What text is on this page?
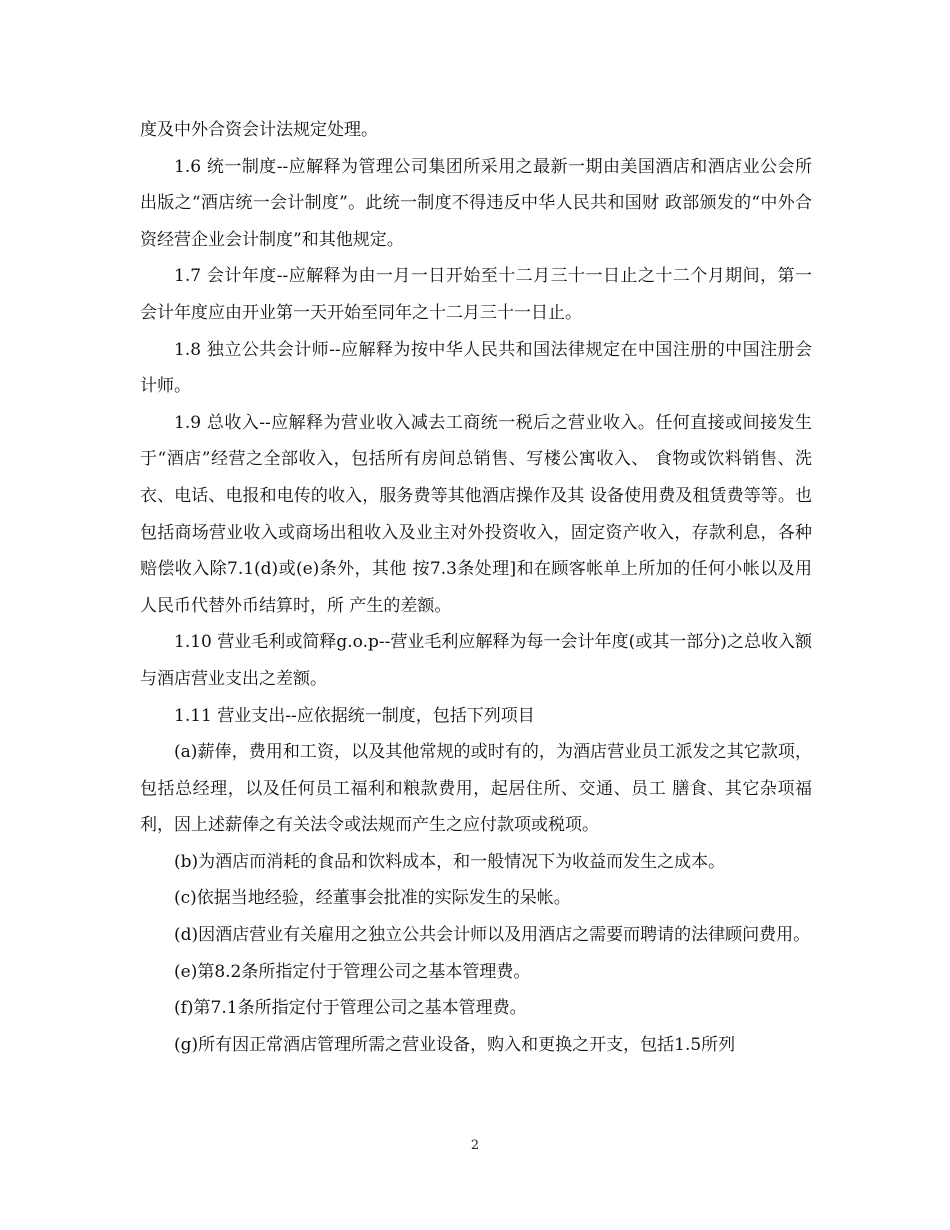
度及中外合资会计法规定处理。

1.6 统一制度--应解释为管理公司集团所采用之最新一期由美国酒店和酒店业公会所出版之“酒店统一会计制度”。此统一制度不得违反中华人民共和国财 政部颁发的“中外合资经营企业会计制度”和其他规定。

1.7 会计年度--应解释为由一月一日开始至十二月三十一日止之十二个月期间，第一会计年度应由开业第一天开始至同年之十二月三十一日止。

1.8 独立公共会计师--应解释为按中华人民共和国法律规定在中国注册的中国注册会计师。

1.9 总收入--应解释为营业收入减去工商统一税后之营业收入。任何直接或间接发生于“酒店”经营之全部收入，包括所有房间总销售、写楼公寓收入、 食物或饮料销售、洗衣、电话、电报和电传的收入，服务费等其他酒店操作及其 设备使用费及租赁费等等。也包括商场营业收入或商场出租收入及业主对外投资收入，固定资产收入，存款利息，各种赔偿收入除7.1(d)或(e)条外，其他 按7.3条处理]和在顾客帐单上所加的任何小帐以及用人民币代替外币结算时，所 产生的差额。

1.10 营业毛利或简释g.o.p--营业毛利应解释为每一会计年度(或其一部分)之总收入额与酒店营业支出之差额。

1.11 营业支出--应依据统一制度，包括下列项目

(a)薪俸，费用和工资，以及其他常规的或时有的，为酒店营业员工派发之其它款项，包括总经理，以及任何员工福利和粮款费用，起居住所、交通、员工 膳食、其它杂项福利，因上述薪俸之有关法令或法规而产生之应付款项或税项。

(b)为酒店而消耗的食品和饮料成本，和一般情况下为收益而发生之成本。

(c)依据当地经验，经董事会批准的实际发生的呆帐。

(d)因酒店营业有关雇用之独立公共会计师以及用酒店之需要而聘请的法律顾问费用。

(e)第8.2条所指定付于管理公司之基本管理费。

(f)第7.1条所指定付于管理公司之基本管理费。

(g)所有因正常酒店管理所需之营业设备，购入和更换之开支，包括1.5所列

2
